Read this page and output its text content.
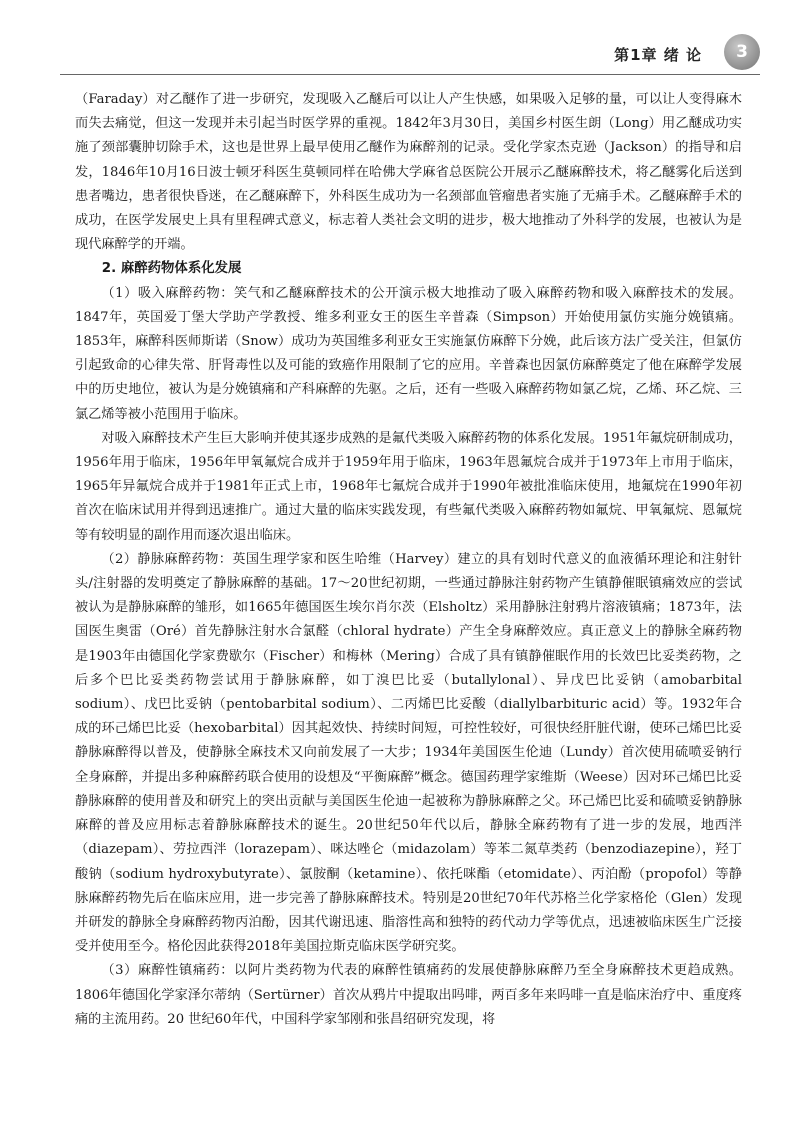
第1章 绪 论	3

（Faraday）对乙醚作了进一步研究，发现吸入乙醚后可以让人产生快感，如果吸入足够的量，可以让人变得麻木而失去痛觉，但这一发现并未引起当时医学界的重视。1842年3月30日，美国乡村医生朗（Long）用乙醚成功实施了颈部囊肿切除手术，这也是世界上最早使用乙醚作为麻醉剂的记录。受化学家杰克逊（Jackson）的指导和启发，1846年10月16日波士顿牙科医生莫顿同样在哈佛大学麻省总医院公开展示乙醚麻醉技术，将乙醚雾化后送到患者嘴边，患者很快昏迷，在乙醚麻醉下，外科医生成功为一名颈部血管瘤患者实施了无痛手术。乙醚麻醉手术的成功，在医学发展史上具有里程碑式意义，标志着人类社会文明的进步，极大地推动了外科学的发展，也被认为是现代麻醉学的开端。

2. 麻醉药物体系化发展

（1）吸入麻醉药物：笑气和乙醚麻醉技术的公开演示极大地推动了吸入麻醉药物和吸入麻醉技术的发展。1847年，英国爱丁堡大学助产学教授、维多利亚女王的医生辛普森（Simpson）开始使用氯仿实施分娩镇痛。1853年，麻醉科医师斯诺（Snow）成功为英国维多利亚女王实施氯仿麻醉下分娩，此后该方法广受关注，但氯仿引起致命的心律失常、肝肾毒性以及可能的致癌作用限制了它的应用。辛普森也因氯仿麻醉奠定了他在麻醉学发展中的历史地位，被认为是分娩镇痛和产科麻醉的先驱。之后，还有一些吸入麻醉药物如氯乙烷，乙烯、环乙烷、三氯乙烯等被小范围用于临床。

对吸入麻醉技术产生巨大影响并使其逐步成熟的是氟代类吸入麻醉药物的体系化发展。1951年氟烷研制成功，1956年用于临床，1956年甲氧氟烷合成并于1959年用于临床，1963年恩氟烷合成并于1973年上市用于临床，1965年异氟烷合成并于1981年正式上市，1968年七氟烷合成并于1990年被批准临床使用，地氟烷在1990年初首次在临床试用并得到迅速推广。通过大量的临床实践发现，有些氟代类吸入麻醉药物如氟烷、甲氧氟烷、恩氟烷等有较明显的副作用而逐次退出临床。

（2）静脉麻醉药物：英国生理学家和医生哈维（Harvey）建立的具有划时代意义的血液循环理论和注射针头/注射器的发明奠定了静脉麻醉的基础。17～20世纪初期，一些通过静脉注射药物产生镇静催眠镇痛效应的尝试被认为是静脉麻醉的雏形，如1665年德国医生埃尔肖尔茨（Elsholtz）采用静脉注射鸦片溶液镇痛；1873年，法国医生奥雷（Oré）首先静脉注射水合氯醛（chloral hydrate）产生全身麻醉效应。真正意义上的静脉全麻药物是1903年由德国化学家费歇尔（Fischer）和梅林（Mering）合成了具有镇静催眠作用的长效巴比妥类药物，之后多个巴比妥类药物尝试用于静脉麻醉，如丁溴巴比妥（butallylonal）、异戊巴比妥钠（amobarbital sodium）、戊巴比妥钠（pentobarbital sodium）、二丙烯巴比妥酸（diallylbarbituric acid）等。1932年合成的环己烯巴比妥（hexobarbital）因其起效快、持续时间短，可控性较好，可很快经肝脏代谢，使环己烯巴比妥静脉麻醉得以普及，使静脉全麻技术又向前发展了一大步；1934年美国医生伦迪（Lundy）首次使用硫喷妥钠行全身麻醉，并提出多种麻醉药联合使用的设想及“平衡麻醉”概念。德国药理学家维斯（Weese）因对环己烯巴比妥静脉麻醉的使用普及和研究上的突出贡献与美国医生伦迪一起被称为静脉麻醉之父。环己烯巴比妥和硫喷妥钠静脉麻醉的普及应用标志着静脉麻醉技术的诞生。20世纪50年代以后，静脉全麻药物有了进一步的发展，地西泮（diazepam）、劳拉西泮（lorazepam）、咪达唑仑（midazolam）等苯二氮草类药（benzodiazepine），羟丁酸钠（sodium hydroxybutyrate）、氯胺酮（ketamine）、依托咪酯（etomidate）、丙泊酚（propofol）等静脉麻醉药物先后在临床应用，进一步完善了静脉麻醉技术。特别是20世纪70年代苏格兰化学家格伦（Glen）发现并研发的静脉全身麻醉药物丙泊酚，因其代谢迅速、脂溶性高和独特的药代动力学等优点，迅速被临床医生广泛接受并使用至今。格伦因此获得2018年美国拉斯克临床医学研究奖。

（3）麻醉性镇痛药：以阿片类药物为代表的麻醉性镇痛药的发展使静脉麻醉乃至全身麻醉技术更趋成熟。1806年德国化学家泽尔蒂纳（Sertürner）首次从鸦片中提取出吗啡，两百多年来吗啡一直是临床治疗中、重度疼痛的主流用药。20 世纪60年代，中国科学家邹刚和张昌绍研究发现，将
